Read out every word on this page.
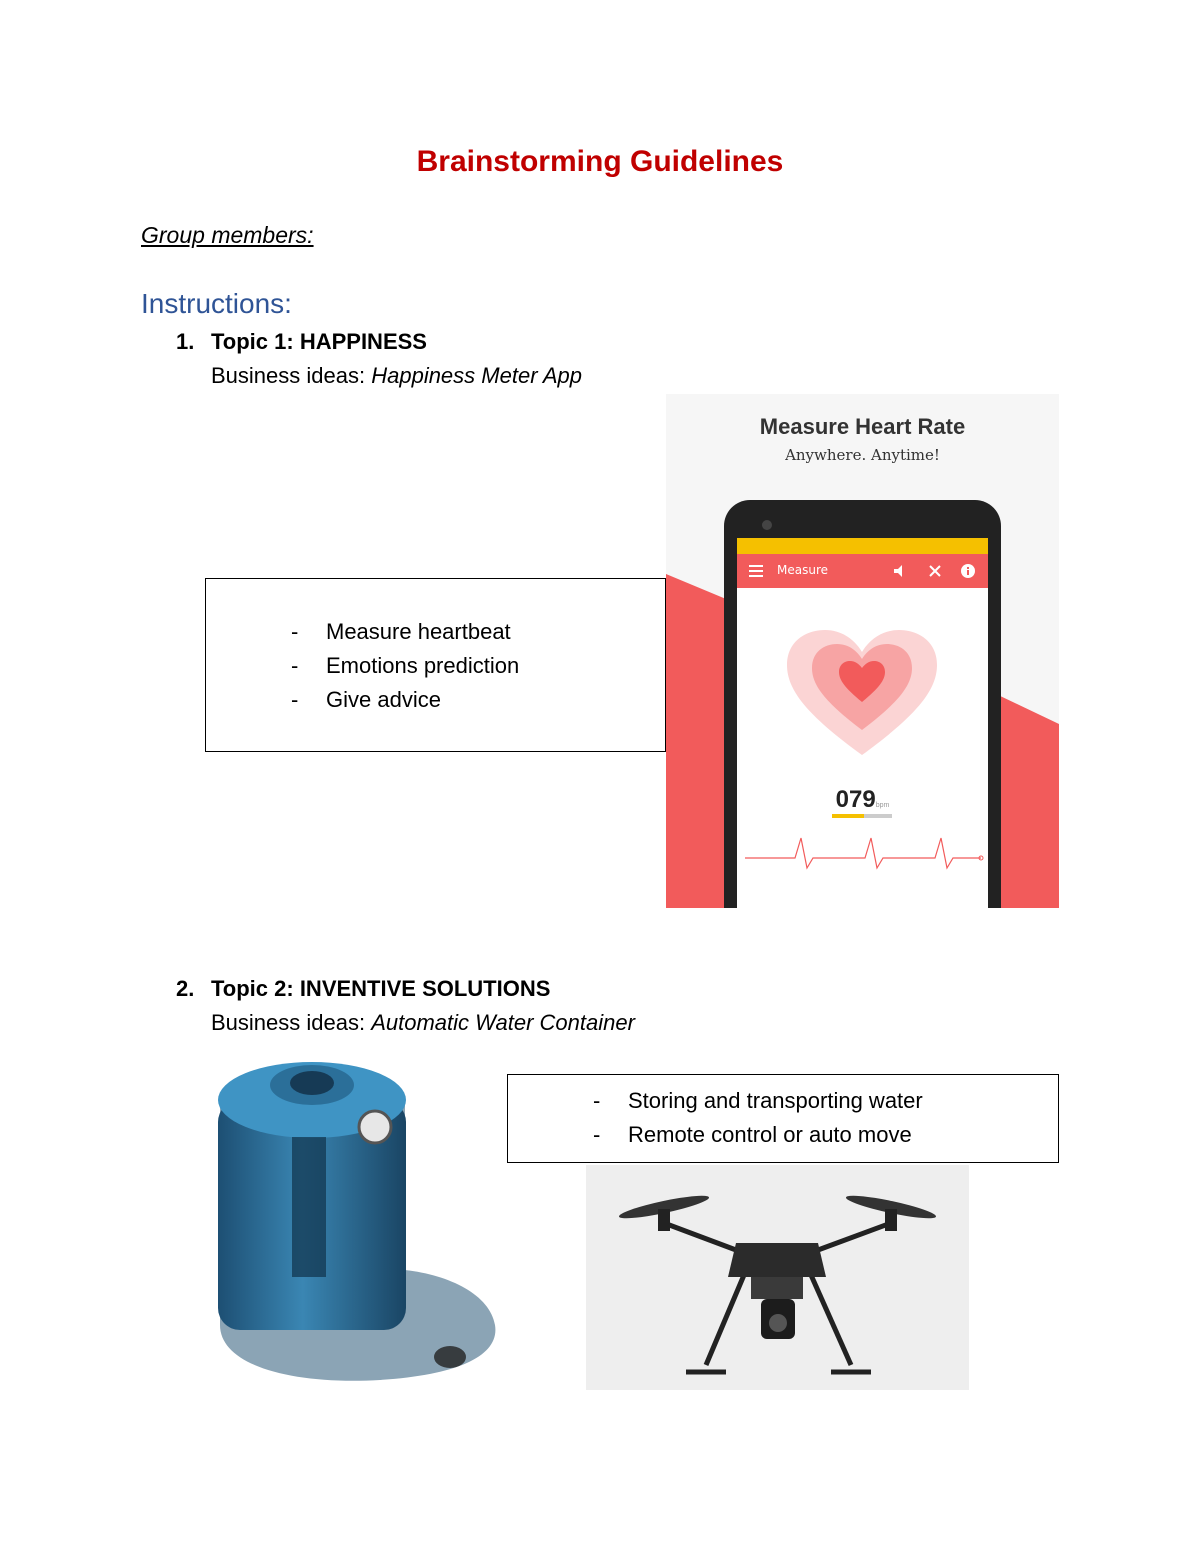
Brainstorming Guidelines
Group members:
Instructions:
1. Topic 1: HAPPINESS
Business ideas: Happiness Meter App
Measure Heart Rate
Anywhere. Anytime!
Measure
079bpm
- Measure heartbeat
- Emotions prediction
- Give advice
2. Topic 2: INVENTIVE SOLUTIONS
Business ideas: Automatic Water Container
- Storing and transporting water
- Remote control or auto move
